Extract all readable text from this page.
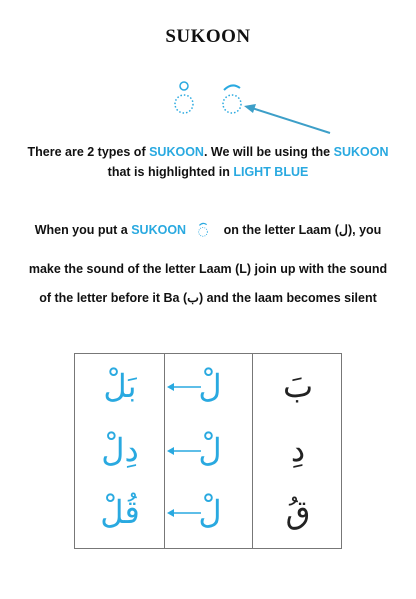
SUKOON
There are 2 types of SUKOON. We will be using the SUKOON
that is highlighted in LIGHT BLUE
When you put a SUKOON	on the letter Laam (ل), you
make the sound of the letter Laam (L) join up with the sound
of the letter before it Ba (ب) and the laam becomes silent
بَلْ	لْ	بَ
دِلْ	لْ	دِ
قُلْ	لْ	قُ
